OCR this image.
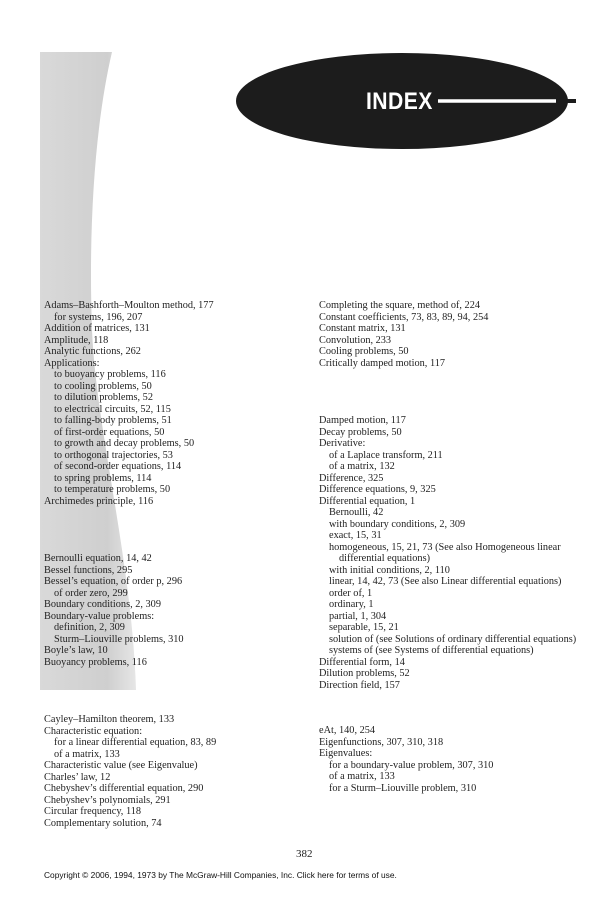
INDEX
Adams–Bashforth–Moulton method, 177
for systems, 196, 207
Addition of matrices, 131
Amplitude, 118
Analytic functions, 262
Applications:
to buoyancy problems, 116
to cooling problems, 50
to dilution problems, 52
to electrical circuits, 52, 115
to falling-body problems, 51
of first-order equations, 50
to growth and decay problems, 50
to orthogonal trajectories, 53
of second-order equations, 114
to spring problems, 114
to temperature problems, 50
Archimedes principle, 116
Bernoulli equation, 14, 42
Bessel functions, 295
Bessel’s equation, of order p, 296
of order zero, 299
Boundary conditions, 2, 309
Boundary-value problems:
definition, 2, 309
Sturm–Liouville problems, 310
Boyle’s law, 10
Buoyancy problems, 116
Cayley–Hamilton theorem, 133
Characteristic equation:
for a linear differential equation, 83, 89
of a matrix, 133
Characteristic value (see Eigenvalue)
Charles’ law, 12
Chebyshev’s differential equation, 290
Chebyshev’s polynomials, 291
Circular frequency, 118
Complementary solution, 74
Completing the square, method of, 224
Constant coefficients, 73, 83, 89, 94, 254
Constant matrix, 131
Convolution, 233
Cooling problems, 50
Critically damped motion, 117
Damped motion, 117
Decay problems, 50
Derivative:
of a Laplace transform, 211
of a matrix, 132
Difference, 325
Difference equations, 9, 325
Differential equation, 1
Bernoulli, 42
with boundary conditions, 2, 309
exact, 15, 31
homogeneous, 15, 21, 73 (See also Homogeneous linear differential equations)
with initial conditions, 2, 110
linear, 14, 42, 73 (See also Linear differential equations)
order of, 1
ordinary, 1
partial, 1, 304
separable, 15, 21
solution of (see Solutions of ordinary differential equations)
systems of (see Systems of differential equations)
Differential form, 14
Dilution problems, 52
Direction field, 157
eAt, 140, 254
Eigenfunctions, 307, 310, 318
Eigenvalues:
for a boundary-value problem, 307, 310
of a matrix, 133
for a Sturm–Liouville problem, 310
382
Copyright © 2006, 1994, 1973 by The McGraw-Hill Companies, Inc. Click here for terms of use.
